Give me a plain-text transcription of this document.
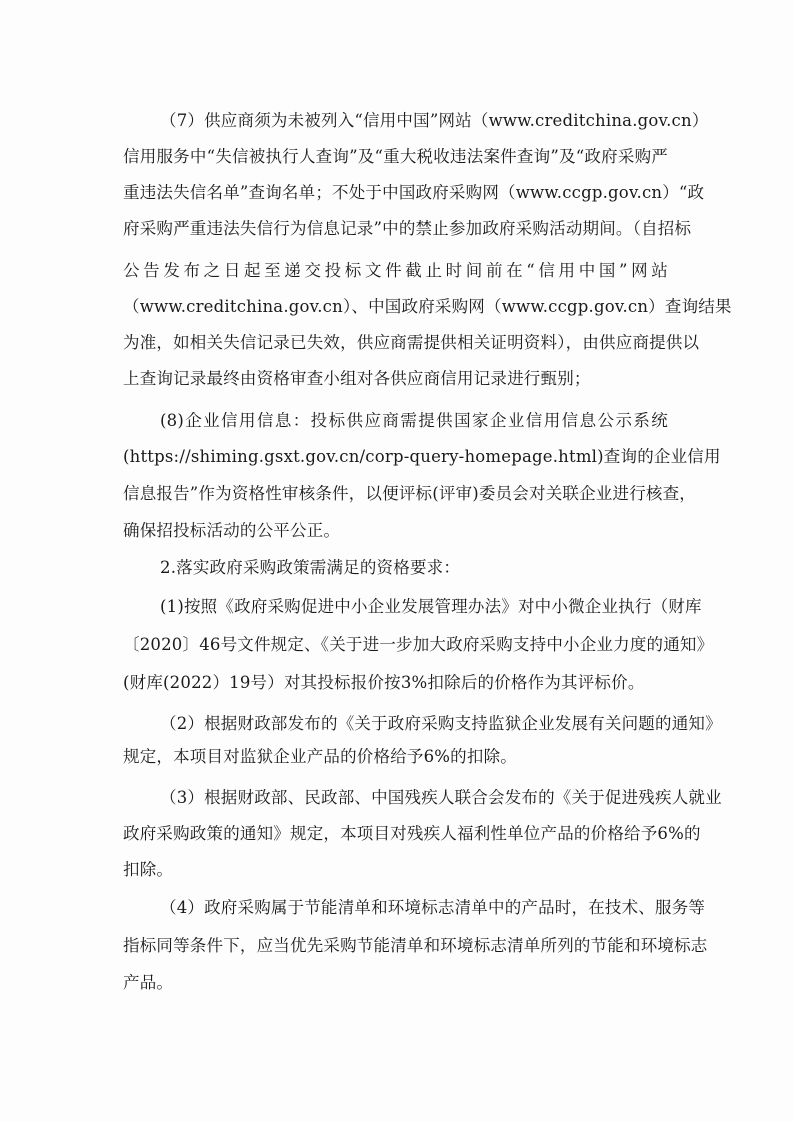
（7）供应商须为未被列入“信用中国”网站（www.creditchina.gov.cn）
信用服务中“失信被执行人查询”及“重大税收违法案件查询”及“政府采购严
重违法失信名单”查询名单；不处于中国政府采购网（www.ccgp.gov.cn）“政
府采购严重违法失信行为信息记录”中的禁止参加政府采购活动期间。（自招标
公告发布之日起至递交投标文件截止时间前在“信用中国”网站
（www.creditchina.gov.cn）、中国政府采购网（www.ccgp.gov.cn）查询结果
为准，如相关失信记录已失效，供应商需提供相关证明资料），由供应商提供以
上查询记录最终由资格审查小组对各供应商信用记录进行甄别；
(8)企业信用信息：投标供应商需提供国家企业信用信息公示系统
(https://shiming.gsxt.gov.cn/corp-query-homepage.html)查询的企业信用
信息报告”作为资格性审核条件，以便评标(评审)委员会对关联企业进行核查，
确保招投标活动的公平公正。
2.落实政府采购政策需满足的资格要求：
(1)按照《政府采购促进中小企业发展管理办法》对中小微企业执行（财库
〔2020〕46号文件规定、《关于进一步加大政府采购支持中小企业力度的通知》
(财库(2022）19号）对其投标报价按3%扣除后的价格作为其评标价。
（2）根据财政部发布的《关于政府采购支持监狱企业发展有关问题的通知》
规定，本项目对监狱企业产品的价格给予6%的扣除。
（3）根据财政部、民政部、中国残疾人联合会发布的《关于促进残疾人就业
政府采购政策的通知》规定，本项目对残疾人福利性单位产品的价格给予6%的
扣除。
（4）政府采购属于节能清单和环境标志清单中的产品时，在技术、服务等
指标同等条件下，应当优先采购节能清单和环境标志清单所列的节能和环境标志
产品。
